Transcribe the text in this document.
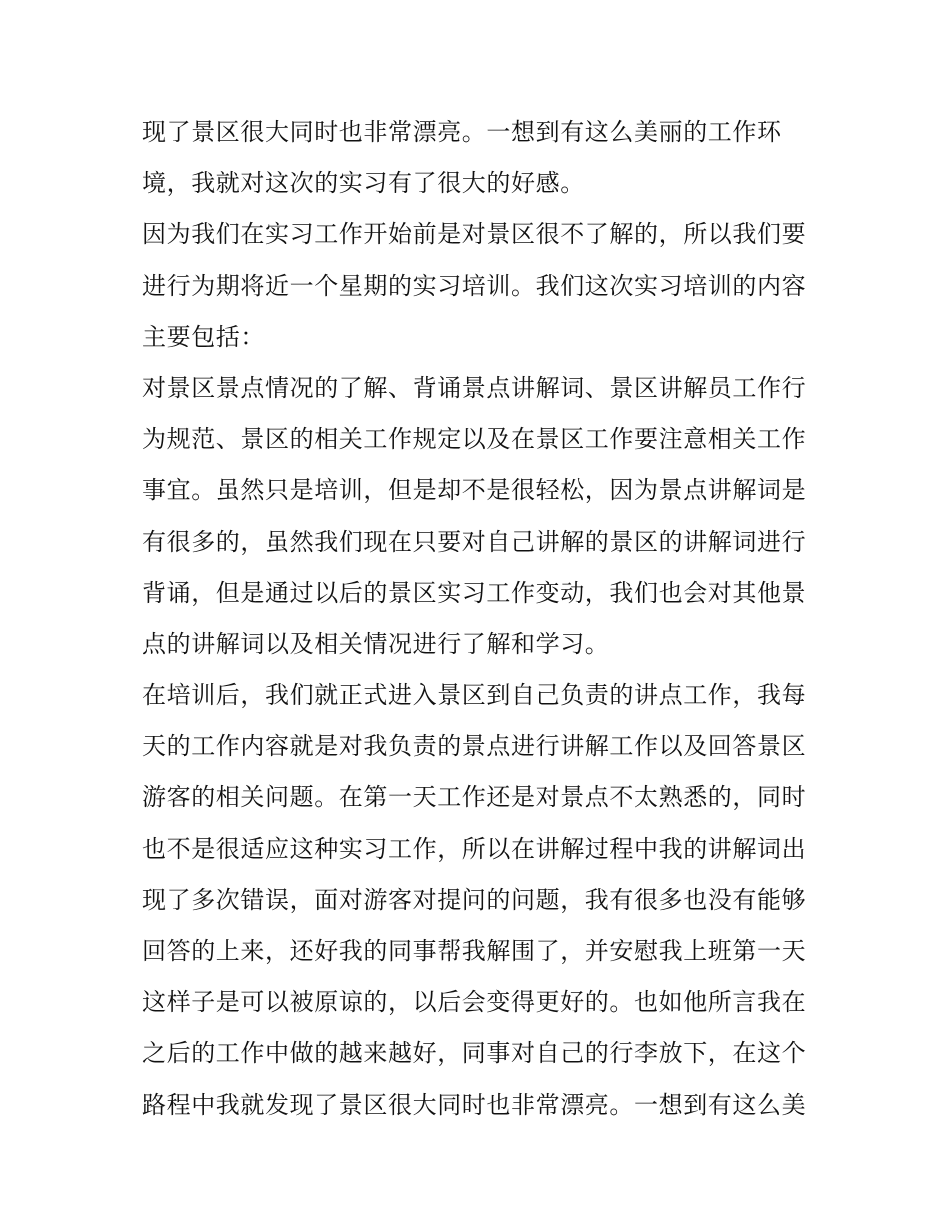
现了景区很大同时也非常漂亮。一想到有这么美丽的工作环
境，我就对这次的实习有了很大的好感。
因为我们在实习工作开始前是对景区很不了解的，所以我们要
进行为期将近一个星期的实习培训。我们这次实习培训的内容
主要包括：
对景区景点情况的了解、背诵景点讲解词、景区讲解员工作行
为规范、景区的相关工作规定以及在景区工作要注意相关工作
事宜。虽然只是培训，但是却不是很轻松，因为景点讲解词是
有很多的，虽然我们现在只要对自己讲解的景区的讲解词进行
背诵，但是通过以后的景区实习工作变动，我们也会对其他景
点的讲解词以及相关情况进行了解和学习。
在培训后，我们就正式进入景区到自己负责的讲点工作，我每
天的工作内容就是对我负责的景点进行讲解工作以及回答景区
游客的相关问题。在第一天工作还是对景点不太熟悉的，同时
也不是很适应这种实习工作，所以在讲解过程中我的讲解词出
现了多次错误，面对游客对提问的问题，我有很多也没有能够
回答的上来，还好我的同事帮我解围了，并安慰我上班第一天
这样子是可以被原谅的，以后会变得更好的。也如他所言我在
之后的工作中做的越来越好，同事对自己的行李放下，在这个
路程中我就发现了景区很大同时也非常漂亮。一想到有这么美
